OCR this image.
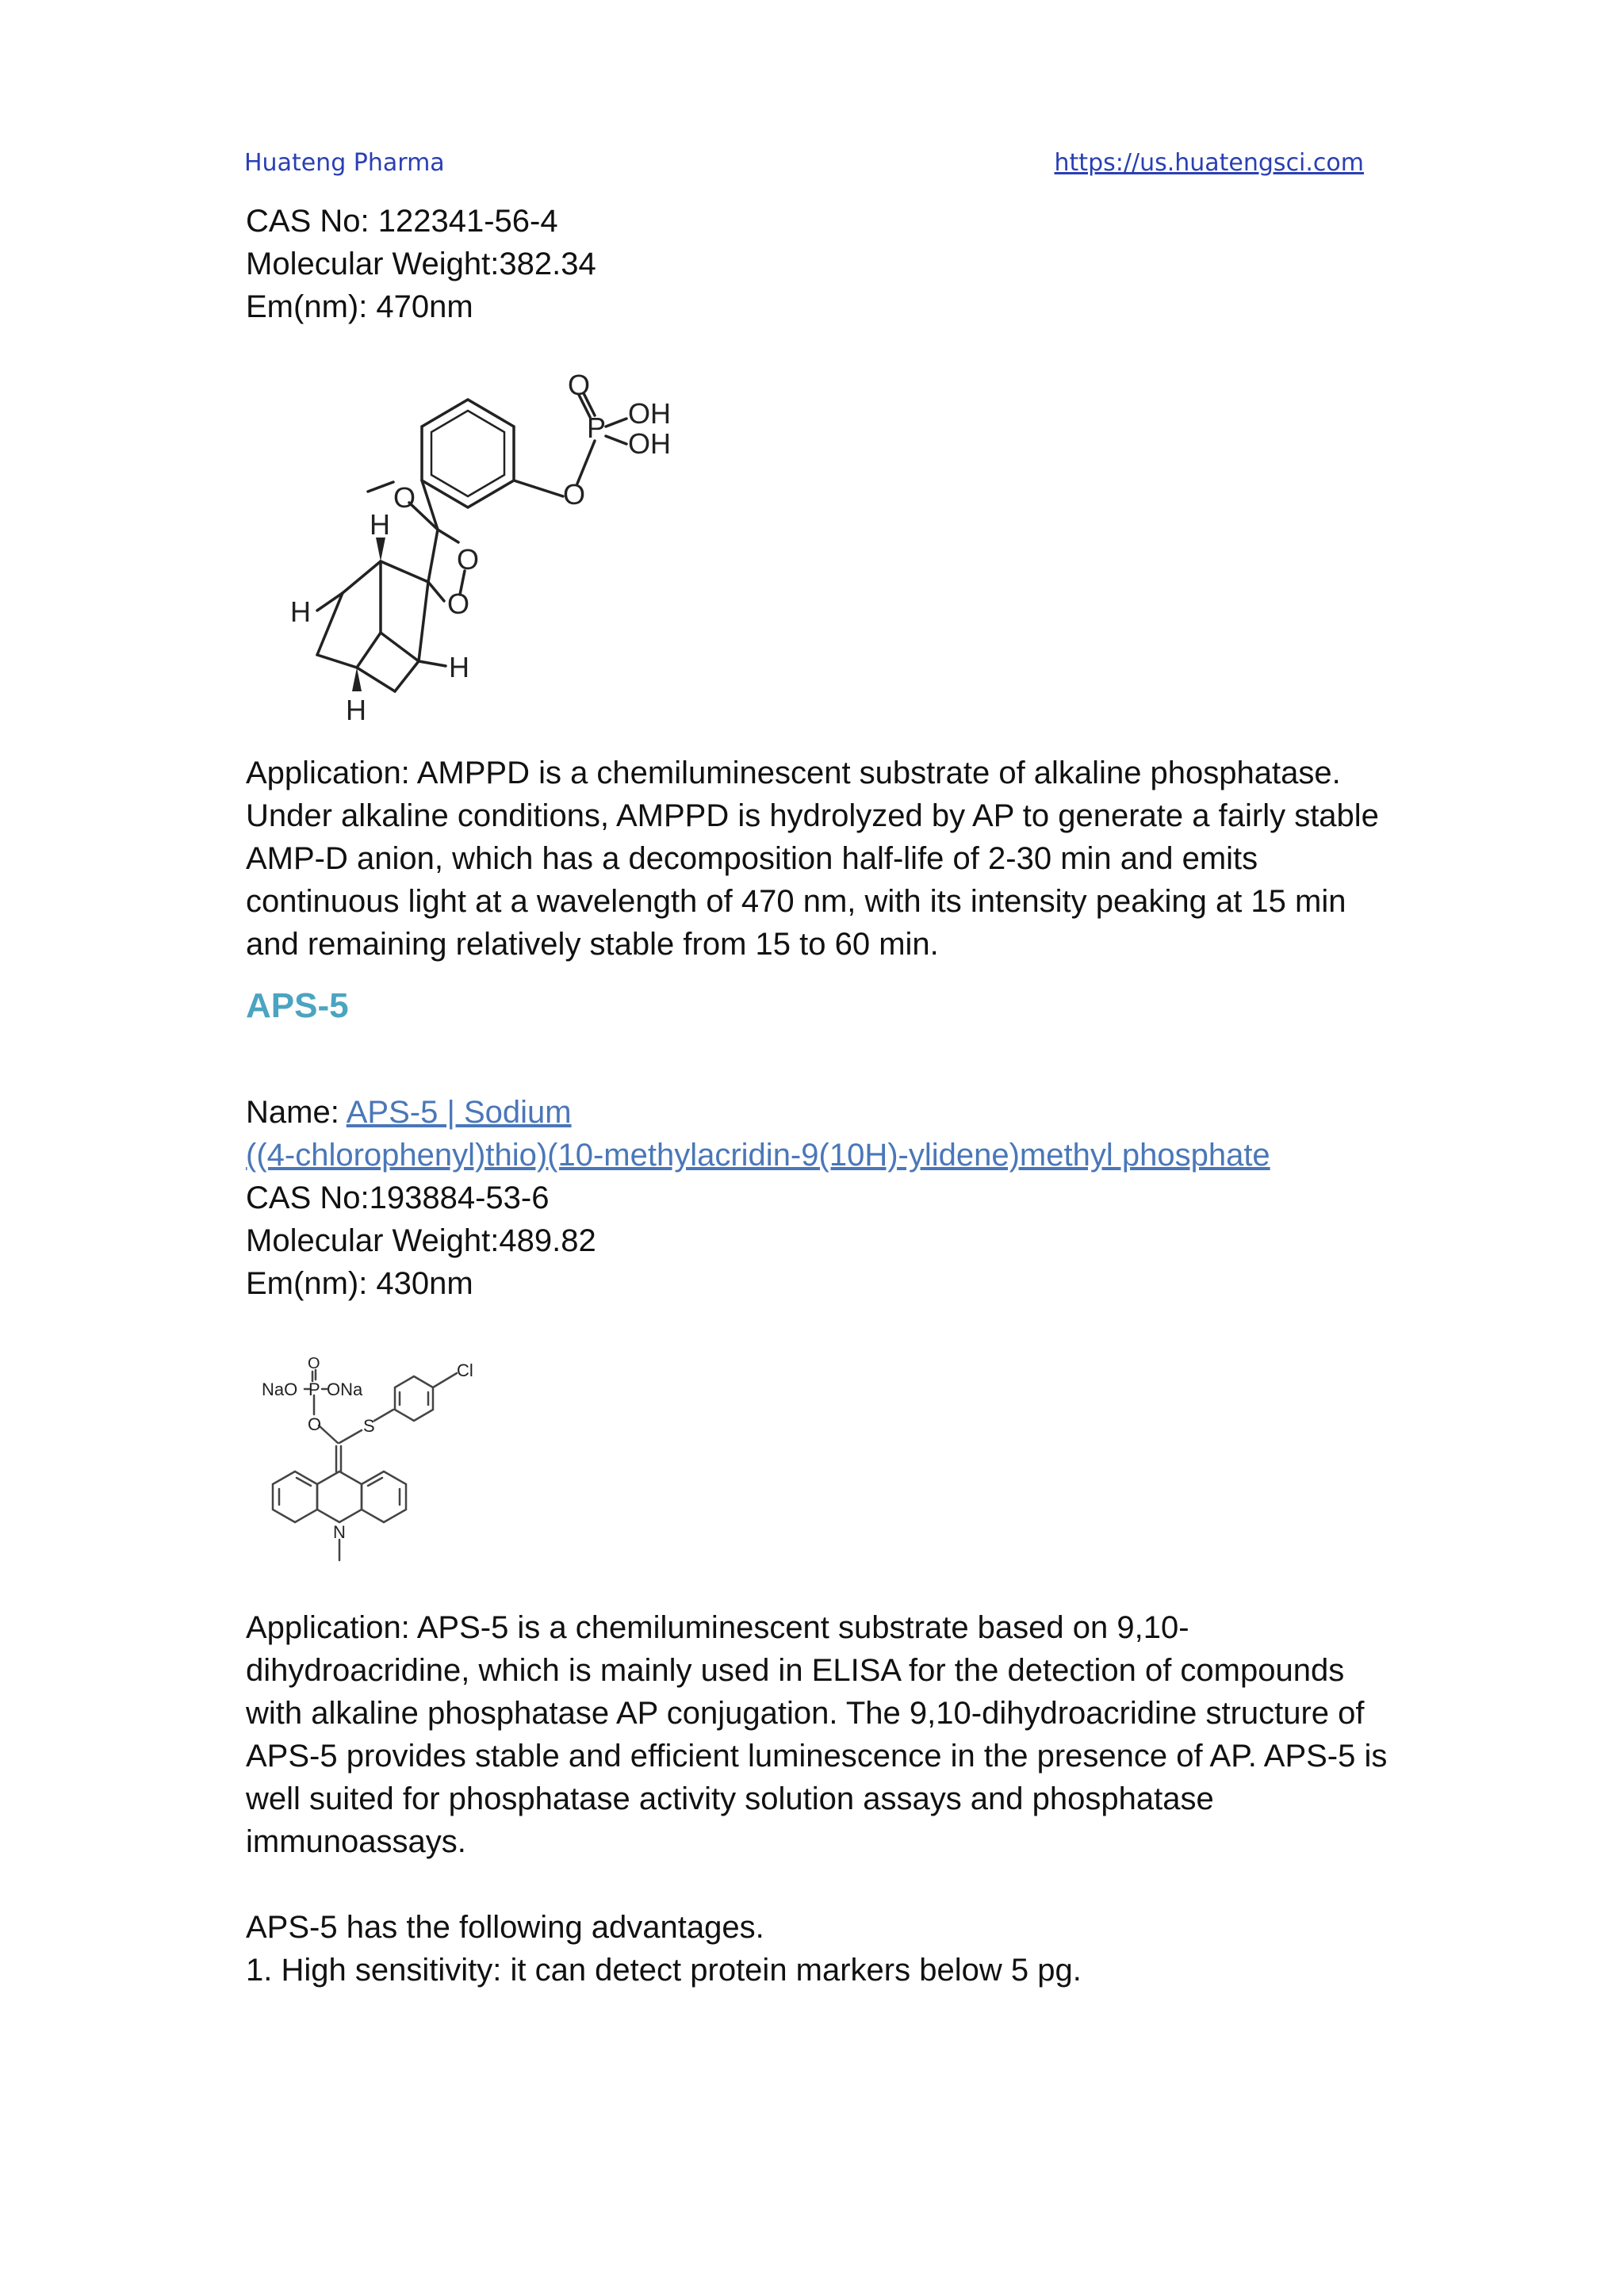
Huateng Pharma	https://us.huatengsci.com
CAS No: 122341-56-4
Molecular Weight:382.34
Em(nm): 470nm
O
P OH
OH
O
O
H
O
O
H
H
H
Application: AMPPD is a chemiluminescent substrate of alkaline phosphatase. Under alkaline conditions, AMPPD is hydrolyzed by AP to generate a fairly stable AMP-D anion, which has a decomposition half-life of 2-30 min and emits continuous light at a wavelength of 470 nm, with its intensity peaking at 15 min and remaining relatively stable from 15 to 60 min.
APS-5
Name: APS-5 | Sodium
((4-chlorophenyl)thio)(10-methylacridin-9(10H)-ylidene)methyl phosphate
CAS No:193884-53-6
Molecular Weight:489.82
Em(nm): 430nm
NaO
O
P ONa
O S
Cl
N
Application: APS-5 is a chemiluminescent substrate based on 9,10-dihydroacridine, which is mainly used in ELISA for the detection of compounds with alkaline phosphatase AP conjugation. The 9,10-dihydroacridine structure of APS-5 provides stable and efficient luminescence in the presence of AP. APS-5 is well suited for phosphatase activity solution assays and phosphatase immunoassays.
APS-5 has the following advantages.
1. High sensitivity: it can detect protein markers below 5 pg.
